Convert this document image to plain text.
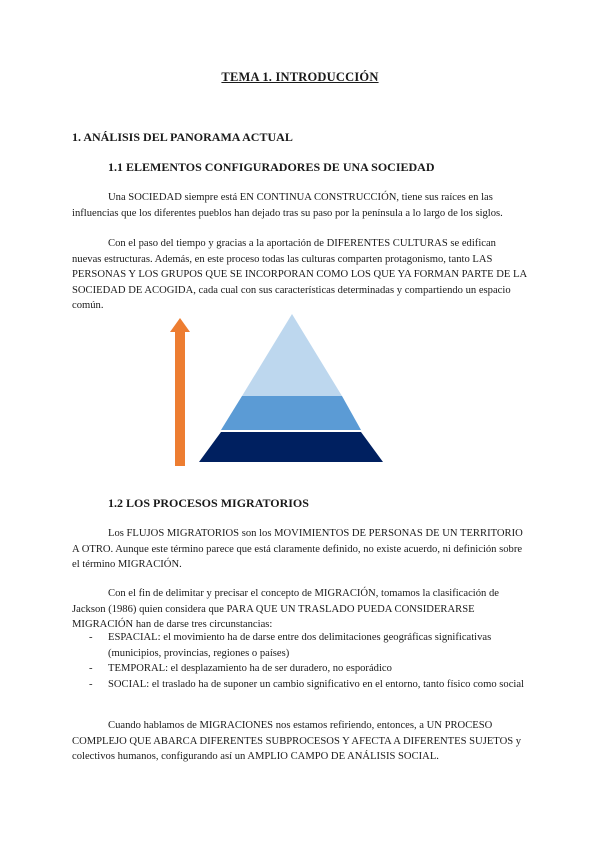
TEMA 1. INTRODUCCIÓN
1. ANÁLISIS DEL PANORAMA ACTUAL
1.1 ELEMENTOS CONFIGURADORES DE UNA SOCIEDAD

Una SOCIEDAD siempre está EN CONTINUA CONSTRUCCIÓN, tiene sus raíces en las influencias que los diferentes pueblos han dejado tras su paso por la península a lo largo de los siglos.

Con el paso del tiempo y gracias a la aportación de DIFERENTES CULTURAS se edifican nuevas estructuras. Además, en este proceso todas las culturas comparten protagonismo, tanto LAS PERSONAS Y LOS GRUPOS QUE SE INCORPORAN COMO LOS QUE YA FORMAN PARTE DE LA SOCIEDAD DE ACOGIDA, cada cual con sus características determinadas y compartiendo un espacio común.

1.2 LOS PROCESOS MIGRATORIOS

Los FLUJOS MIGRATORIOS son los MOVIMIENTOS DE PERSONAS DE UN TERRITORIO A OTRO. Aunque este término parece que está claramente definido, no existe acuerdo, ni definición sobre el término MIGRACIÓN.

Con el fin de delimitar y precisar el concepto de MIGRACIÓN, tomamos la clasificación de Jackson (1986) quien considera que PARA QUE UN TRASLADO PUEDA CONSIDERARSE MIGRACIÓN han de darse tres circunstancias:

- ESPACIAL: el movimiento ha de darse entre dos delimitaciones geográficas significativas (municipios, provincias, regiones o países)
- TEMPORAL: el desplazamiento ha de ser duradero, no esporádico
- SOCIAL: el traslado ha de suponer un cambio significativo en el entorno, tanto físico como social

Cuando hablamos de MIGRACIONES nos estamos refiriendo, entonces, a UN PROCESO COMPLEJO QUE ABARCA DIFERENTES SUBPROCESOS Y AFECTA A DIFERENTES SUJETOS y colectivos humanos, configurando así un AMPLIO CAMPO DE ANÁLISIS SOCIAL.
